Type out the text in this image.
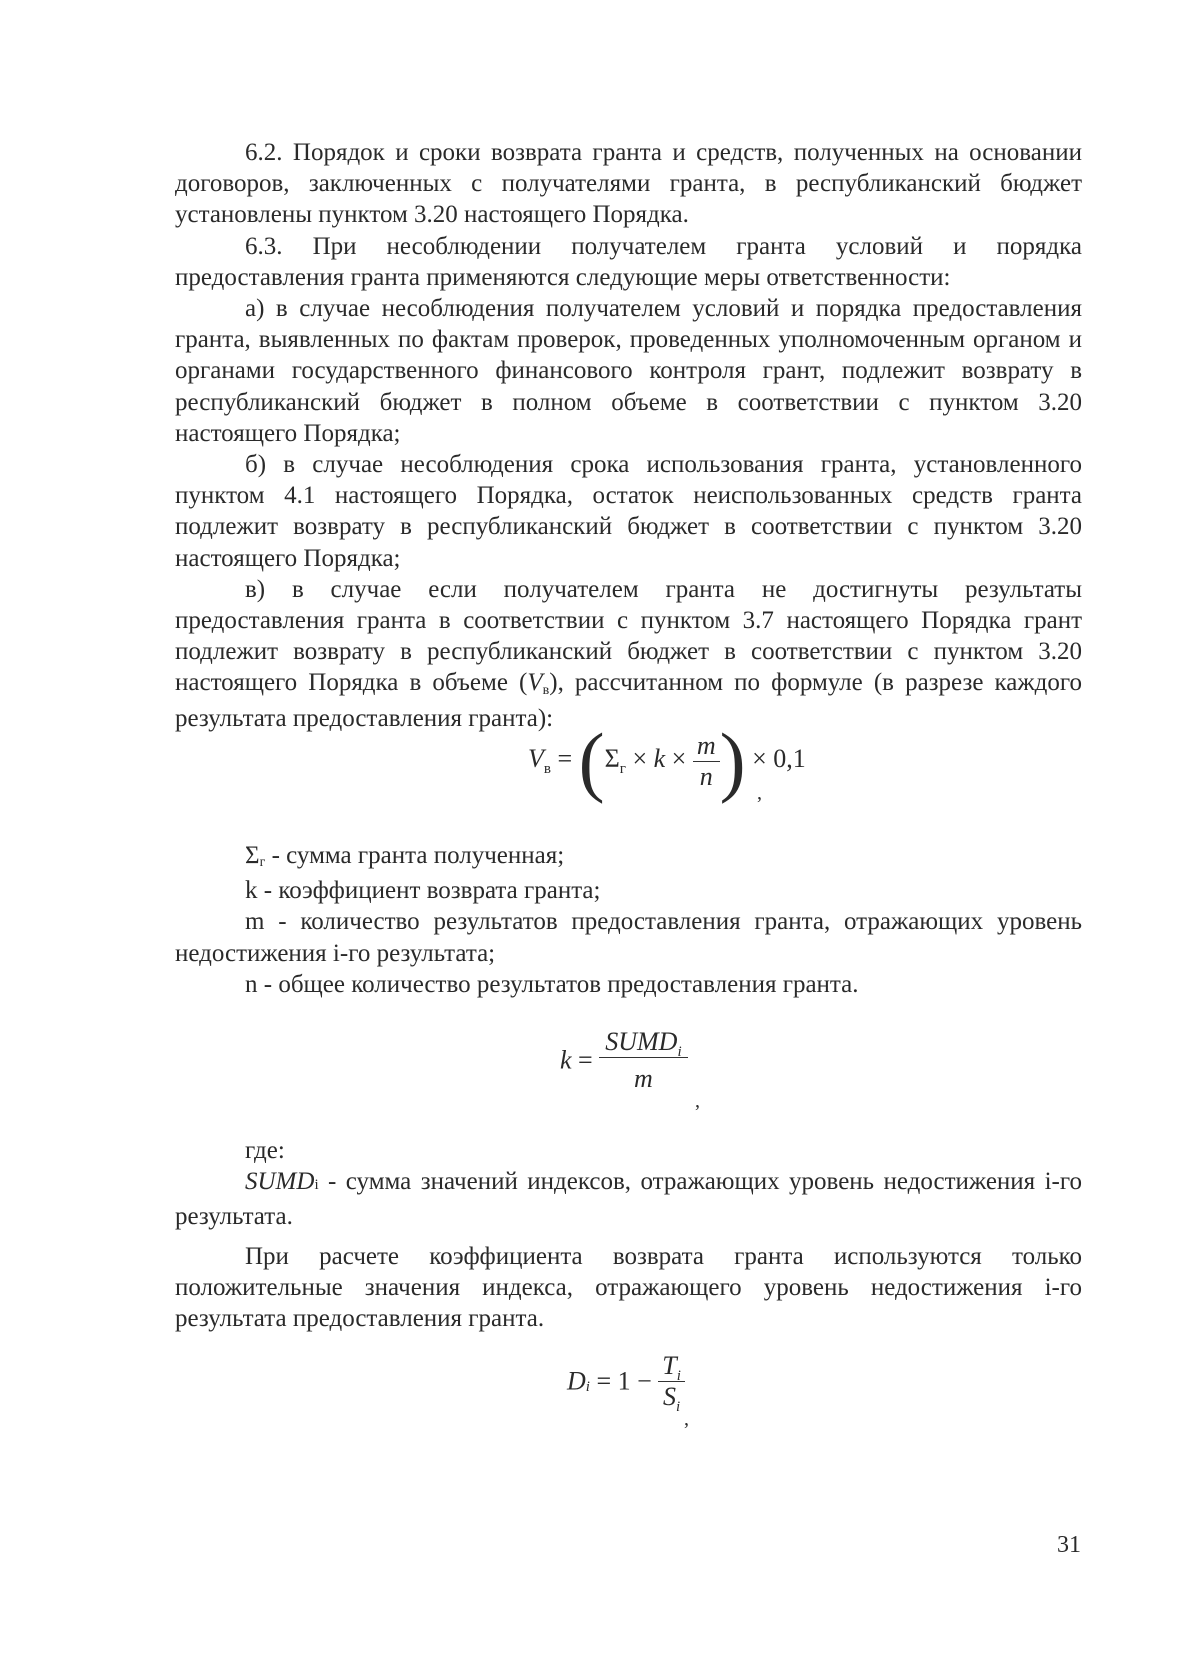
6.2. Порядок и сроки возврата гранта и средств, полученных на основании договоров, заключенных с получателями гранта, в республиканский бюджет установлены пунктом 3.20 настоящего Порядка.

6.3. При несоблюдении получателем гранта условий и порядка предоставления гранта применяются следующие меры ответственности:

а) в случае несоблюдения получателем условий и порядка предоставления гранта, выявленных по фактам проверок, проведенных уполномоченным органом и органами государственного финансового контроля грант, подлежит возврату в республиканский бюджет в полном объеме в соответствии с пунктом 3.20 настоящего Порядка;

б) в случае несоблюдения срока использования гранта, установленного пунктом 4.1 настоящего Порядка, остаток неиспользованных средств гранта подлежит возврату в республиканский бюджет в соответствии с пунктом 3.20 настоящего Порядка;

в) в случае если получателем гранта не достигнуты результаты предоставления гранта в соответствии с пунктом 3.7 настоящего Порядка грант подлежит возврату в республиканский бюджет в соответствии с пунктом 3.20 настоящего Порядка в объеме (Vв), рассчитанном по формуле (в разрезе каждого результата предоставления гранта):

$V_в = (\Sigma_г \times k \times \frac{m}{n}$ ) × 0,1
,

Σг - сумма гранта полученная;

k - коэффициент возврата гранта;

m - количество результатов предоставления гранта, отражающих уровень недостижения i-го результата;

n - общее количество результатов предоставления гранта.

$k = \frac{SUMD_i}{m}$
,

где:

SUMDi - сумма значений индексов, отражающих уровень недостижения i-го результата.

При расчете коэффициента возврата гранта используются только положительные значения индекса, отражающего уровень недостижения i-го результата предоставления гранта.

$D_i = 1 - \frac{T_i}{S_i}$
,
31
